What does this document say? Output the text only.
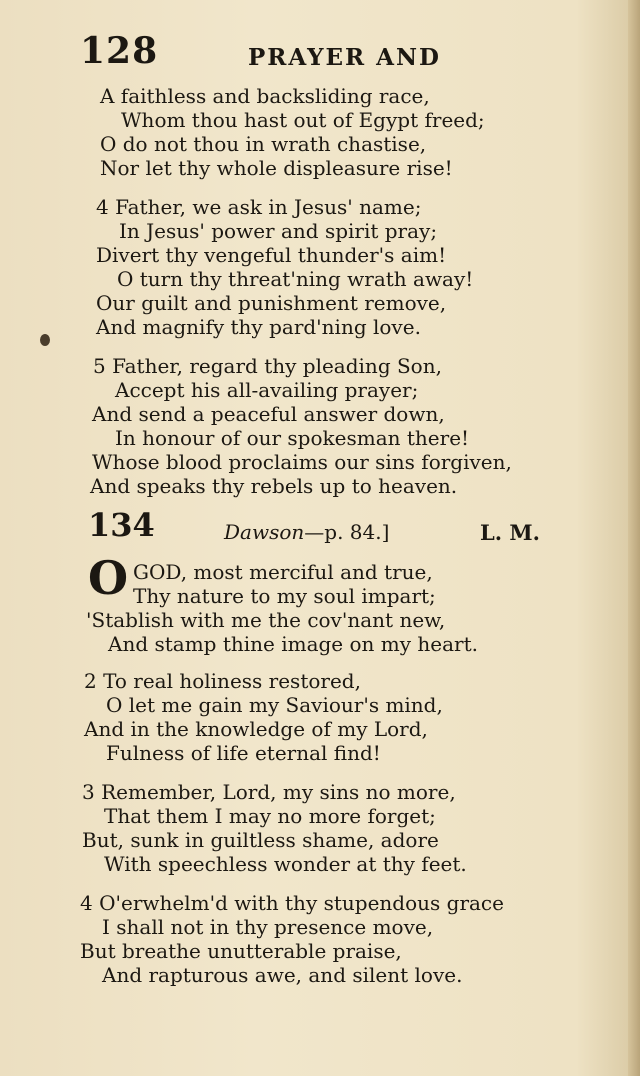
128	PRAYER AND
A faithless and backsliding race,
Whom thou hast out of Egypt freed;
O do not thou in wrath chastise,
Nor let thy whole displeasure rise!
4 Father, we ask in Jesus' name;
In Jesus' power and spirit pray;
Divert thy vengeful thunder's aim!
O turn thy threat'ning wrath away!
Our guilt and punishment remove,
And magnify thy pard'ning love.
5 Father, regard thy pleading Son,
Accept his all-availing prayer;
And send a peaceful answer down,
In honour of our spokesman there!
Whose blood proclaims our sins forgiven,
And speaks thy rebels up to heaven.
134	Dawson—p. 84.]	L. M.
O GOD, most merciful and true,
Thy nature to my soul impart;
'Stablish with me the cov'nant new,
And stamp thine image on my heart.
2 To real holiness restored,
O let me gain my Saviour's mind,
And in the knowledge of my Lord,
Fulness of life eternal find!
3 Remember, Lord, my sins no more,
That them I may no more forget;
But, sunk in guiltless shame, adore
With speechless wonder at thy feet.
4 O'erwhelm'd with thy stupendous grace
I shall not in thy presence move,
But breathe unutterable praise,
And rapturous awe, and silent love.
